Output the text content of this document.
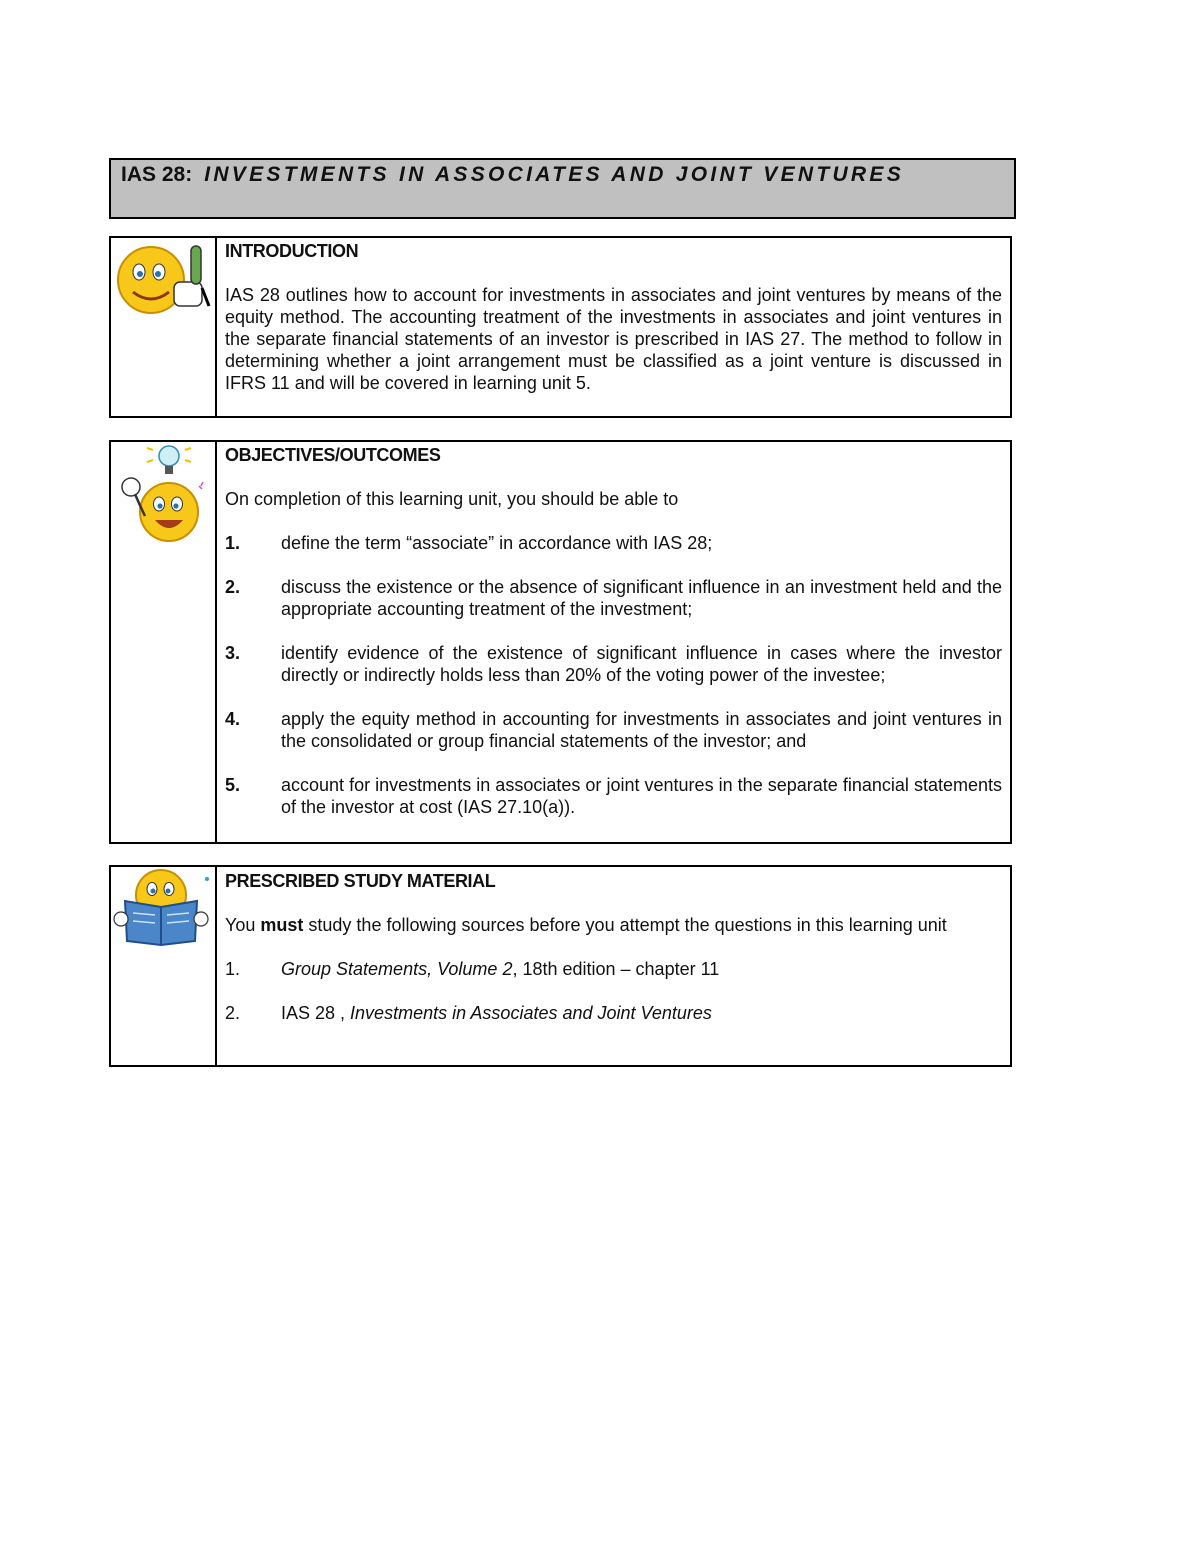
IAS 28: INVESTMENTS IN ASSOCIATES AND JOINT VENTURES
INTRODUCTION
IAS 28 outlines how to account for investments in associates and joint ventures by means of the equity method. The accounting treatment of the investments in associates and joint ventures in the separate financial statements of an investor is prescribed in IAS 27. The method to follow in determining whether a joint arrangement must be classified as a joint venture is discussed in IFRS 11 and will be covered in learning unit 5.
OBJECTIVES/OUTCOMES
On completion of this learning unit, you should be able to
1. define the term “associate” in accordance with IAS 28;
2. discuss the existence or the absence of significant influence in an investment held and the appropriate accounting treatment of the investment;
3. identify evidence of the existence of significant influence in cases where the investor directly or indirectly holds less than 20% of the voting power of the investee;
4. apply the equity method in accounting for investments in associates and joint ventures in the consolidated or group financial statements of the investor; and
5. account for investments in associates or joint ventures in the separate financial statements of the investor at cost (IAS 27.10(a)).
PRESCRIBED STUDY MATERIAL
You must study the following sources before you attempt the questions in this learning unit
1. Group Statements, Volume 2, 18th edition – chapter 11
2. IAS 28 , Investments in Associates and Joint Ventures
